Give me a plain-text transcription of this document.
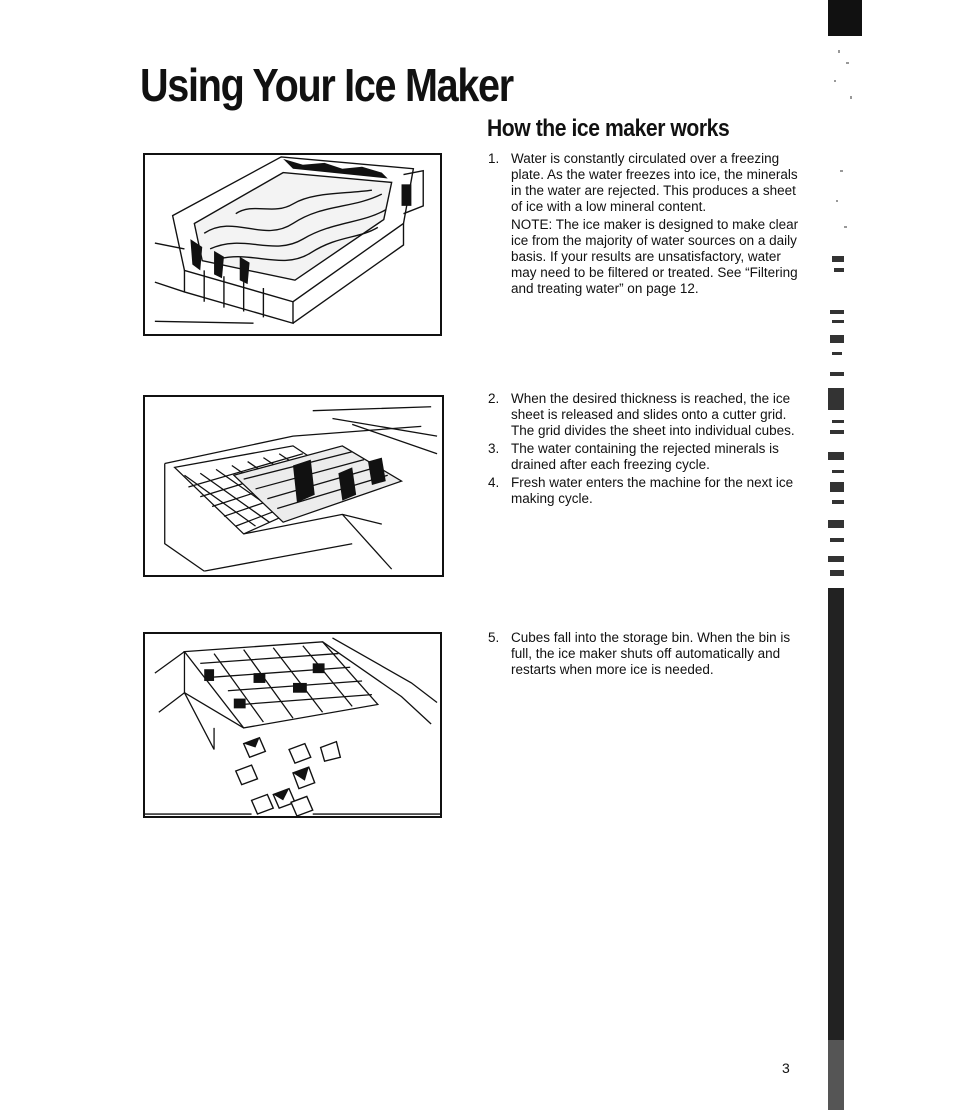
Using Your Ice Maker
How the ice maker works
1. Water is constantly circulated over a freezing plate. As the water freezes into ice, the minerals in the water are rejected. This produces a sheet of ice with a low mineral content.
NOTE: The ice maker is designed to make clear ice from the majority of water sources on a daily basis. If your results are unsatisfactory, water may need to be filtered or treated. See “Filtering and treating water” on page 12.
2. When the desired thickness is reached, the ice sheet is released and slides onto a cutter grid. The grid divides the sheet into individual cubes.
3. The water containing the rejected minerals is drained after each freezing cycle.
4. Fresh water enters the machine for the next ice making cycle.
5. Cubes fall into the storage bin. When the bin is full, the ice maker shuts off automatically and restarts when more ice is needed.
3
